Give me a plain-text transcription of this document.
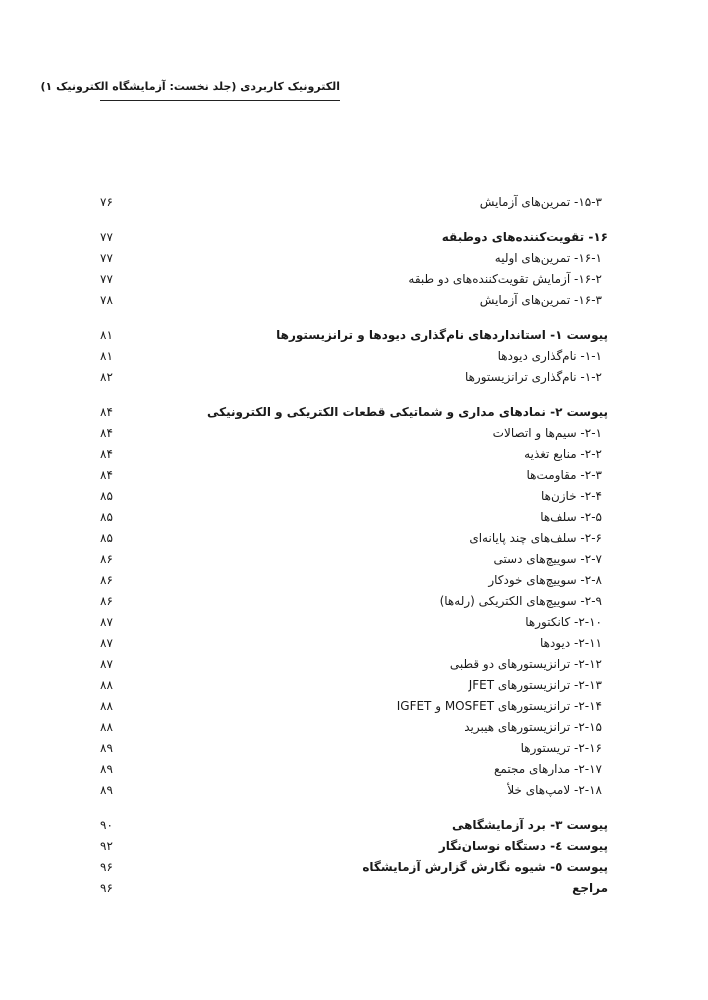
الکترونیک کاربردی (جلد نخست: آزمایشگاه الکترونیک ۱)
۱۵-۳- تمرین‌های آزمایش
۷۶
۱۶- تقویت‌کننده‌های دوطبقه
۷۷
۱۶-۱- تمرین‌های اولیه
۷۷
۱۶-۲- آزمایش تقویت‌کننده‌های دو طبقه
۷۷
۱۶-۳- تمرین‌های آزمایش
۷۸
پیوست ۱- استانداردهای نام‌گذاری دیودها و ترانزیستورها
۸۱
۱-۱- نام‌گذاری دیودها
۸۱
۱-۲- نام‌گذاری ترانزیستورها
۸۲
پیوست ۲- نمادهای مداری و شماتیکی قطعات الکتریکی و الکترونیکی
۸۴
۲-۱- سیم‌ها و اتصالات
۸۴
۲-۲- منابع تغذیه
۸۴
۲-۳- مقاومت‌ها
۸۴
۲-۴- خازن‌ها
۸۵
۲-۵- سلف‌ها
۸۵
۲-۶- سلف‌های چند پایانه‌ای
۸۵
۲-۷- سوییچ‌های دستی
۸۶
۲-۸- سوییچ‌های خودکار
۸۶
۲-۹- سوییچ‌های الکتریکی (رله‌ها)
۸۶
۲-۱۰- کانکتورها
۸۷
۲-۱۱- دیودها
۸۷
۲-۱۲- ترانزیستورهای دو قطبی
۸۷
۲-۱۳- ترانزیستورهای JFET
۸۸
۲-۱۴- ترانزیستورهای MOSFET و IGFET
۸۸
۲-۱۵- ترانزیستورهای هیبرید
۸۸
۲-۱۶- تریستورها
۸۹
۲-۱۷- مدارهای مجتمع
۸۹
۲-۱۸- لامپ‌های خلأ
۸۹
پیوست ۳- برد آزمایشگاهی
۹۰
پیوست ٤- دستگاه نوسان‌نگار
۹۲
پیوست ٥- شیوه نگارش گزارش آزمایشگاه
۹۶
مراجع
۹۶
